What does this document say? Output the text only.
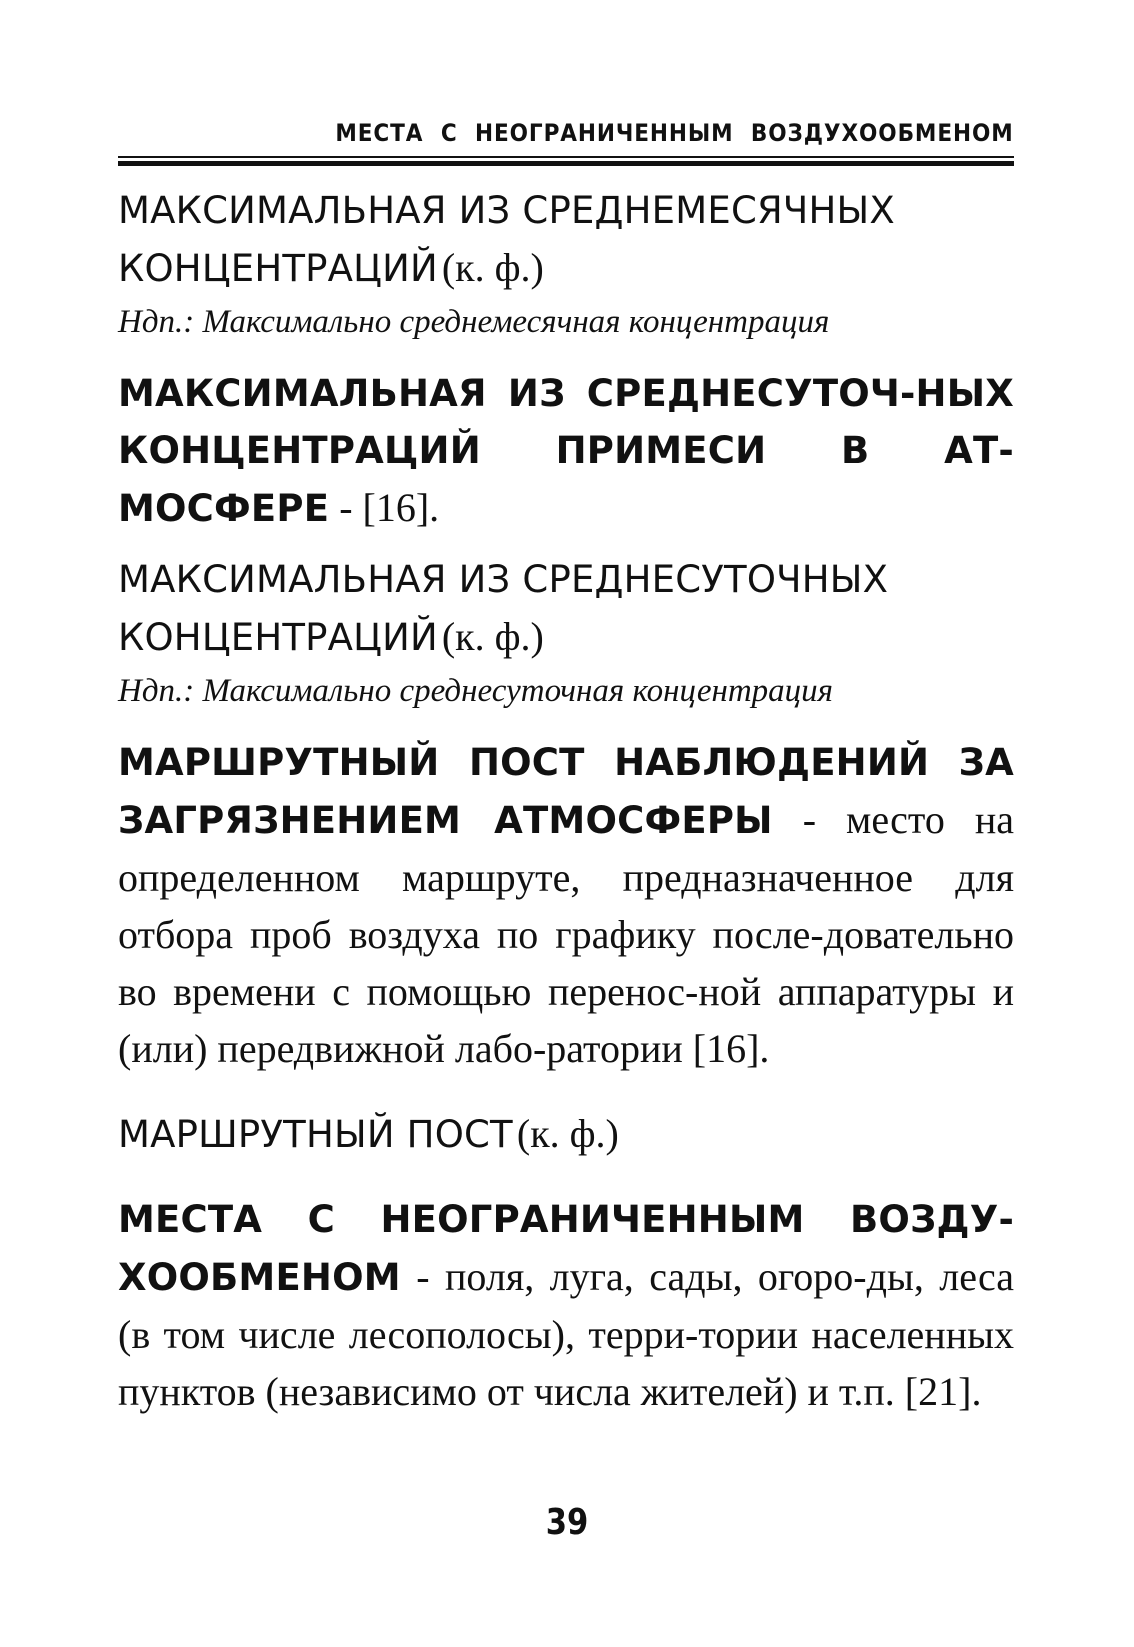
МЕСТА С НЕОГРАНИЧЕННЫМ ВОЗДУХООБМЕНОМ
МАКСИМАЛЬНАЯ ИЗ СРЕДНЕМЕСЯЧНЫХ КОНЦЕНТРАЦИЙ (к. ф.)
Ндп.: Максимально среднемесячная концентрация
МАКСИМАЛЬНАЯ ИЗ СРЕДНЕСУТОЧ-НЫХ КОНЦЕНТРАЦИЙ ПРИМЕСИ В АТ-МОСФЕРЕ - [16].
МАКСИМАЛЬНАЯ ИЗ СРЕДНЕСУТОЧНЫХ КОНЦЕНТРАЦИЙ (к. ф.)
Ндп.: Максимально среднесуточная концентрация
МАРШРУТНЫЙ ПОСТ НАБЛЮДЕНИЙ ЗА ЗАГРЯЗНЕНИЕМ АТМОСФЕРЫ - место на определенном маршруте, предназначенное для отбора проб воздуха по графику после-довательно во времени с помощью перенос-ной аппаратуры и (или) передвижной лабо-ратории [16].
МАРШРУТНЫЙ ПОСТ (к. ф.)
МЕСТА С НЕОГРАНИЧЕННЫМ ВОЗДУ-ХООБМЕНОМ - поля, луга, сады, огоро-ды, леса (в том числе лесополосы), терри-тории населенных пунктов (независимо от числа жителей) и т.п. [21].
39
